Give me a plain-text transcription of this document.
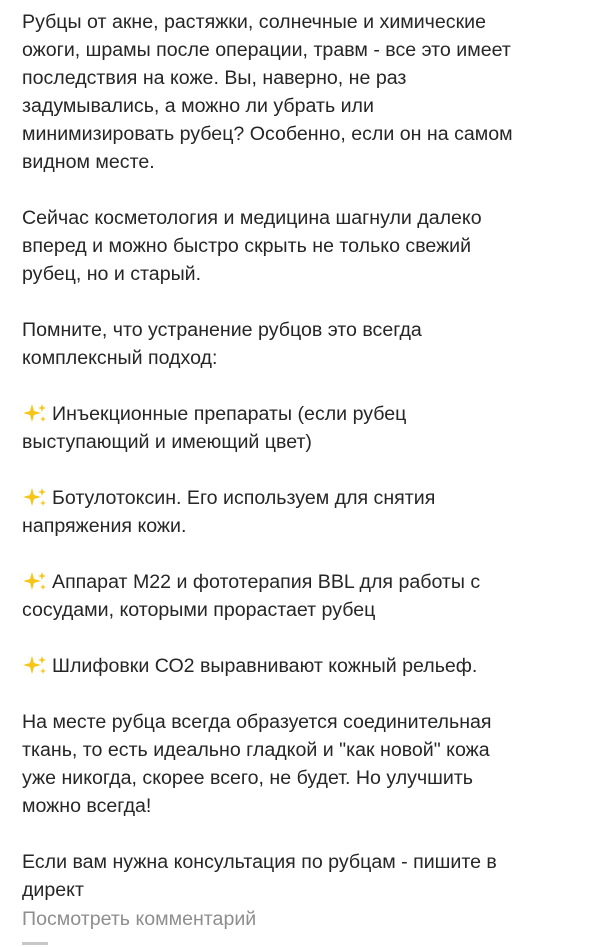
Рубцы от акне, растяжки, солнечные и химические
ожоги, шрамы после операции, травм - все это имеет
последствия на коже. Вы, наверно, не раз
задумывались, а можно ли убрать или
минимизировать рубец? Особенно, если он на самом
видном месте.

Сейчас косметология и медицина шагнули далеко
вперед и можно быстро скрыть не только свежий
рубец, но и старый.

Помните, что устранение рубцов это всегда
комплексный подход:

Инъекционные препараты (если рубец
выступающий и имеющий цвет)
Ботулотоксин. Его используем для снятия
напряжения кожи.
Аппарат М22 и фототерапия BBL для работы с
сосудами, которыми прорастает рубец
Шлифовки СО2 выравнивают кожный рельеф.

На месте рубца всегда образуется соединительная
ткань, то есть идеально гладкой и "как новой" кожа
уже никогда, скорее всего, не будет. Но улучшить
можно всегда!

Если вам нужна консультация по рубцам - пишите в
директ

Посмотреть комментарий
